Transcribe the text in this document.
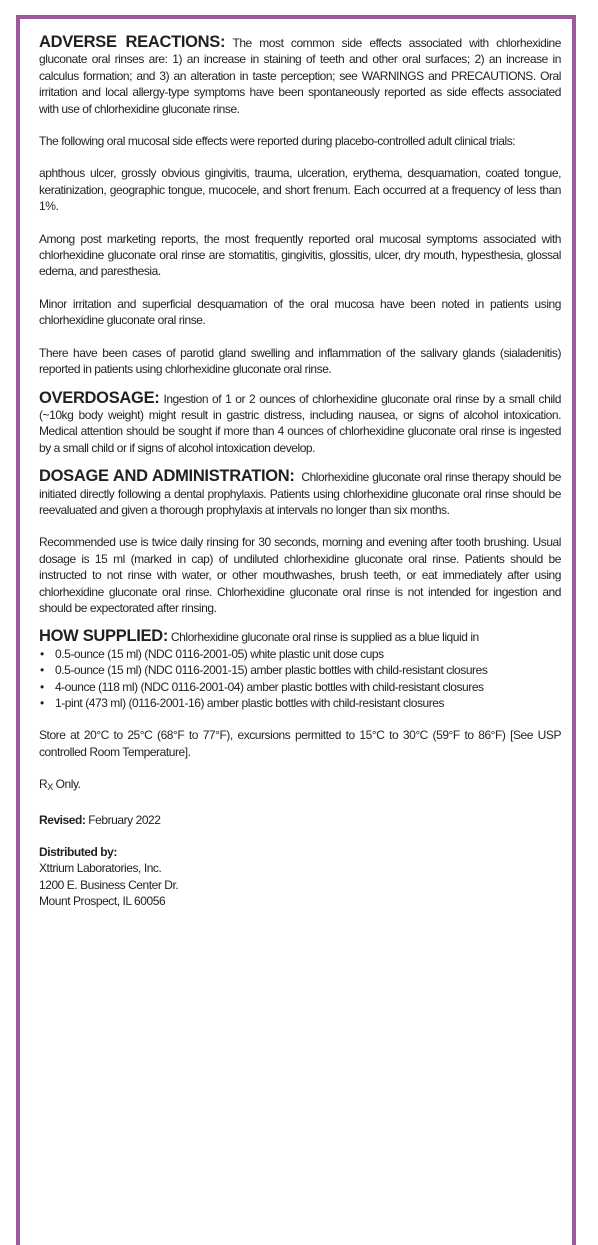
ADVERSE REACTIONS: The most common side effects associated with chlorhexidine gluconate oral rinses are: 1) an increase in staining of teeth and other oral surfaces; 2) an increase in calculus formation; and 3) an alteration in taste perception; see WARNINGS and PRECAUTIONS. Oral irritation and local allergy-type symptoms have been spontaneously reported as side effects associated with use of chlorhexidine gluconate rinse.

The following oral mucosal side effects were reported during placebo-controlled adult clinical trials:

aphthous ulcer, grossly obvious gingivitis, trauma, ulceration, erythema, desquamation, coated tongue, keratinization, geographic tongue, mucocele, and short frenum. Each occurred at a frequency of less than 1%.

Among post marketing reports, the most frequently reported oral mucosal symptoms associated with chlorhexidine gluconate oral rinse are stomatitis, gingivitis, glossitis, ulcer, dry mouth, hypesthesia, glossal edema, and paresthesia.

Minor irritation and superficial desquamation of the oral mucosa have been noted in patients using chlorhexidine gluconate oral rinse.

There have been cases of parotid gland swelling and inflammation of the salivary glands (sialadenitis) reported in patients using chlorhexidine gluconate oral rinse.

OVERDOSAGE: Ingestion of 1 or 2 ounces of chlorhexidine gluconate oral rinse by a small child (~10kg body weight) might result in gastric distress, including nausea, or signs of alcohol intoxication. Medical attention should be sought if more than 4 ounces of chlorhexidine gluconate oral rinse is ingested by a small child or if signs of alcohol intoxication develop.

DOSAGE AND ADMINISTRATION: Chlorhexidine gluconate oral rinse therapy should be initiated directly following a dental prophylaxis. Patients using chlorhexidine gluconate oral rinse should be reevaluated and given a thorough prophylaxis at intervals no longer than six months.

Recommended use is twice daily rinsing for 30 seconds, morning and evening after tooth brushing. Usual dosage is 15 ml (marked in cap) of undiluted chlorhexidine gluconate oral rinse. Patients should be instructed to not rinse with water, or other mouthwashes, brush teeth, or eat immediately after using chlorhexidine gluconate oral rinse. Chlorhexidine gluconate oral rinse is not intended for ingestion and should be expectorated after rinsing.

HOW SUPPLIED: Chlorhexidine gluconate oral rinse is supplied as a blue liquid in

• 0.5-ounce (15 ml) (NDC 0116-2001-05) white plastic unit dose cups
• 0.5-ounce (15 ml) (NDC 0116-2001-15) amber plastic bottles with child-resistant closures
• 4-ounce (118 ml) (NDC 0116-2001-04) amber plastic bottles with child-resistant closures
• 1-pint (473 ml) (0116-2001-16) amber plastic bottles with child-resistant closures

Store at 20°C to 25°C (68°F to 77°F), excursions permitted to 15°C to 30°C (59°F to 86°F) [See USP controlled Room Temperature].

RX Only.

Revised: February 2022

Distributed by:

Xttrium Laboratories, Inc.

1200 E. Business Center Dr.

Mount Prospect, IL 60056
